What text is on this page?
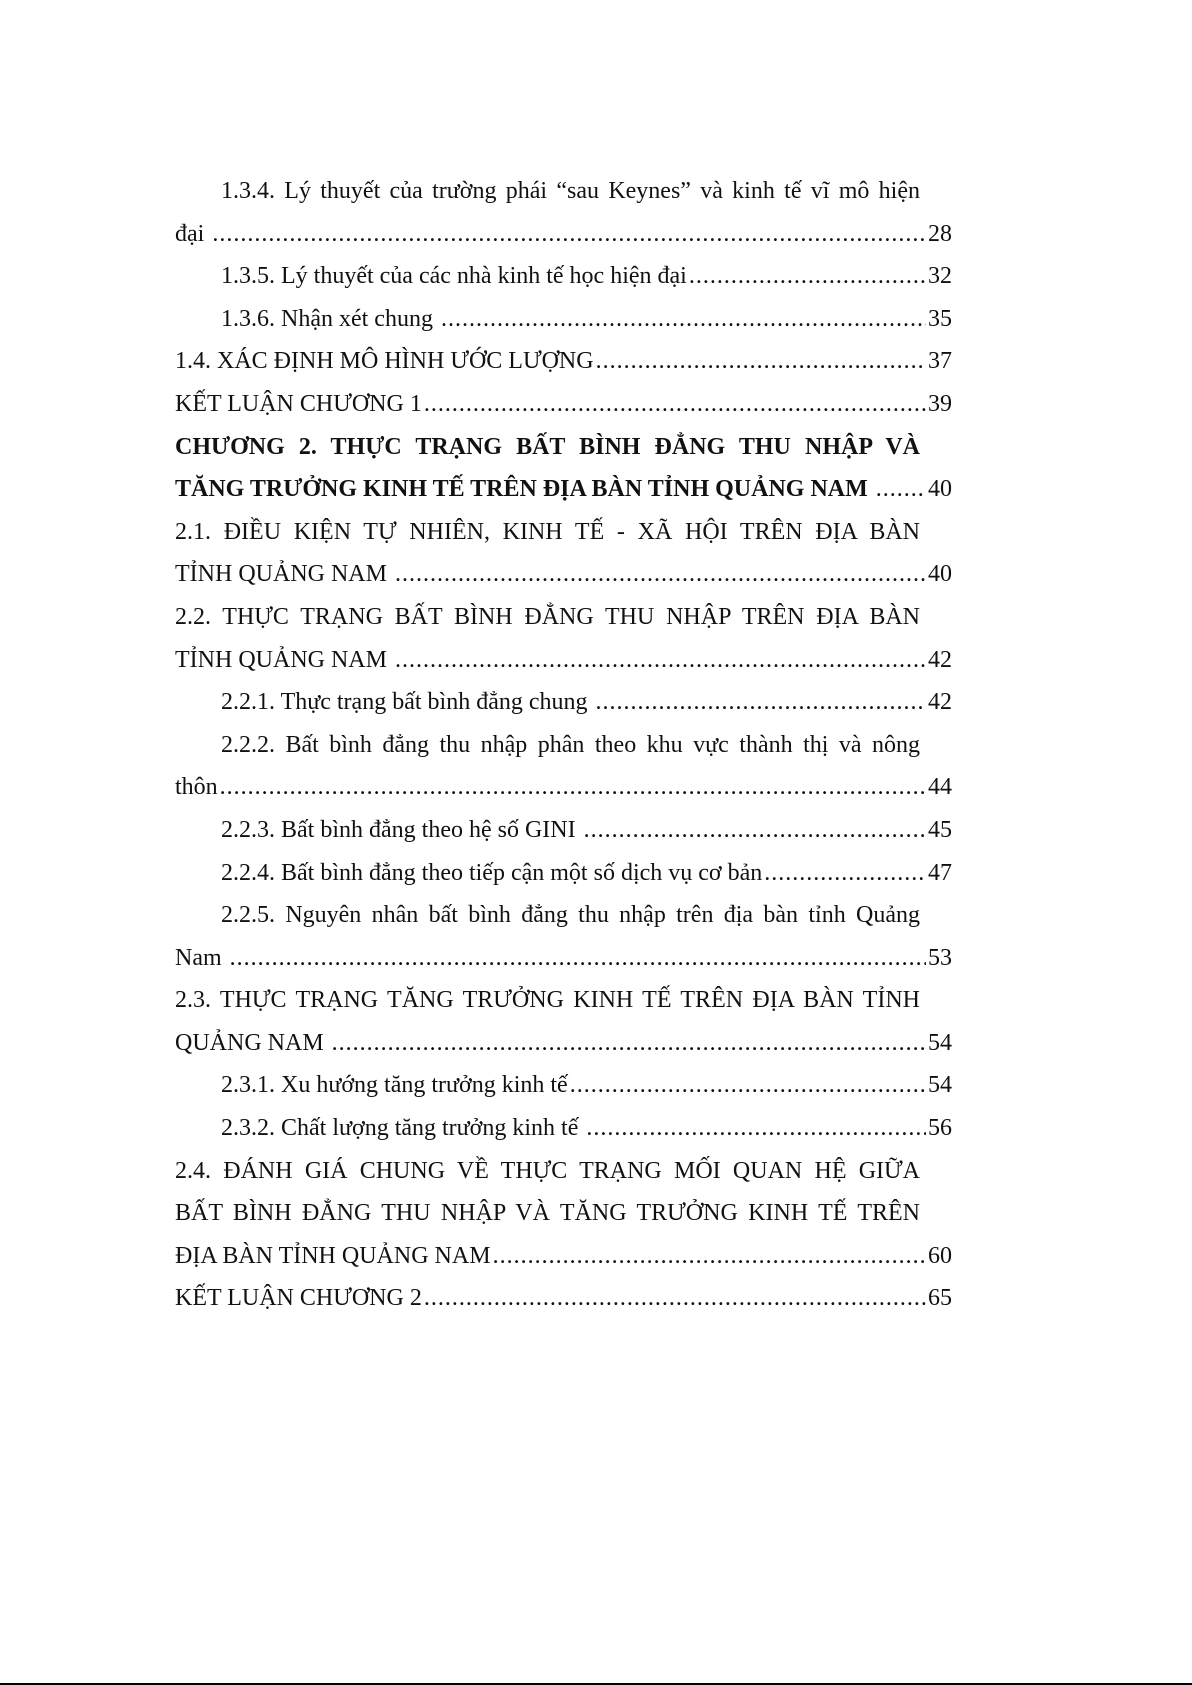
1.3.4. Lý thuyết của trường phái “sau Keynes” và kinh tế vĩ mô hiện
đại .....	28
1.3.5. Lý thuyết của các nhà kinh tế học hiện đại .....	32
1.3.6. Nhận xét chung .....	35
1.4. XÁC ĐỊNH MÔ HÌNH ƯỚC LƯỢNG .....	37
KẾT LUẬN CHƯƠNG 1 .....	39
CHƯƠNG 2. THỰC TRẠNG BẤT BÌNH ĐẲNG THU NHẬP VÀ
TĂNG TRƯỞNG KINH TẾ TRÊN ĐỊA BÀN TỈNH QUẢNG NAM ..... 40
2.1. ĐIỀU KIỆN TỰ NHIÊN, KINH TẾ - XÃ HỘI TRÊN ĐỊA BÀN
TỈNH QUẢNG NAM .....	40
2.2. THỰC TRẠNG BẤT BÌNH ĐẲNG THU NHẬP TRÊN ĐỊA BÀN
TỈNH QUẢNG NAM .....	42
2.2.1. Thực trạng bất bình đẳng chung .....	42
2.2.2. Bất bình đẳng thu nhập phân theo khu vực thành thị và nông
thôn .....	44
2.2.3. Bất bình đẳng theo hệ số GINI .....	45
2.2.4. Bất bình đẳng theo tiếp cận một số dịch vụ cơ bản .....	47
2.2.5. Nguyên nhân bất bình đẳng thu nhập trên địa bàn tỉnh Quảng
Nam .....	53
2.3. THỰC TRẠNG TĂNG TRƯỞNG KINH TẾ TRÊN ĐỊA BÀN TỈNH
QUẢNG NAM .....	54
2.3.1. Xu hướng tăng trưởng kinh tế .....	54
2.3.2. Chất lượng tăng trưởng kinh tế .....	56
2.4. ĐÁNH GIÁ CHUNG VỀ THỰC TRẠNG MỐI QUAN HỆ GIỮA
BẤT BÌNH ĐẲNG THU NHẬP VÀ TĂNG TRƯỞNG KINH TẾ TRÊN
ĐỊA BÀN TỈNH QUẢNG NAM .....	60
KẾT LUẬN CHƯƠNG 2 .....	65
